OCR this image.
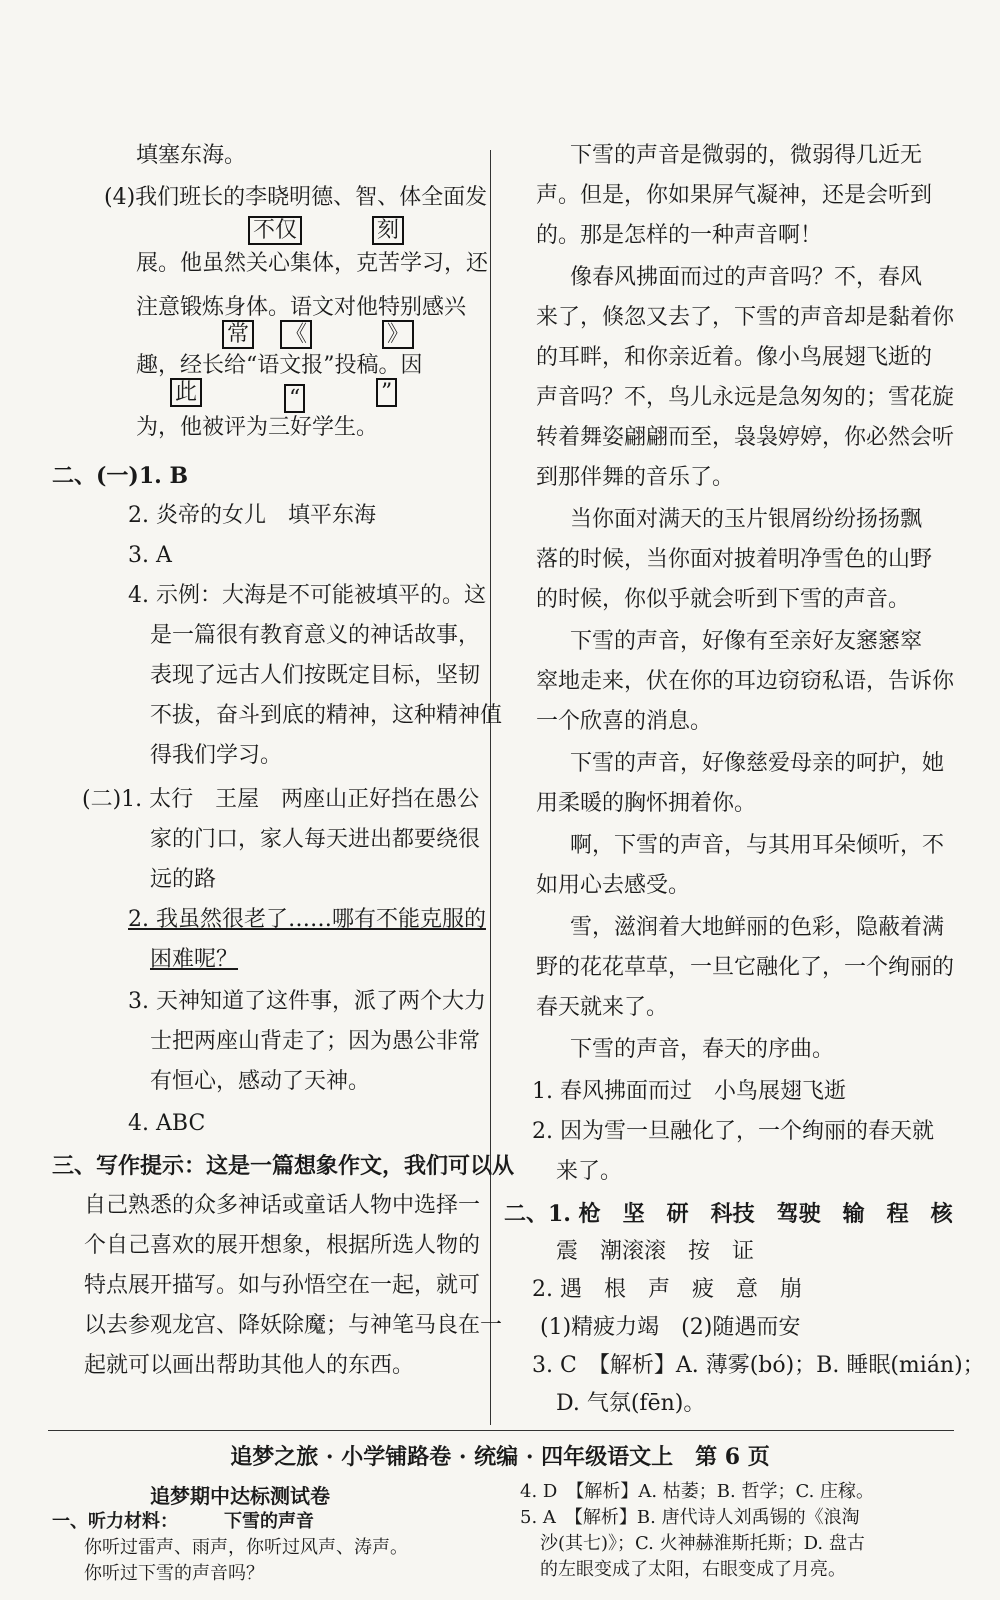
填塞东海。
(4)我们班长的李晓明德、智、体全面发
不仅	刻
展。他虽然关心集体，克苦学习，还
注意锻炼身体。语文对他特别感兴
常 《	》
趣，经长给“语文报”投稿。因
此	“	”
为，他被评为三好学生。
二、(一)1. B
2. 炎帝的女儿　填平东海
3. A
4. 示例：大海是不可能被填平的。这
是一篇很有教育意义的神话故事，
表现了远古人们按既定目标，坚韧
不拔，奋斗到底的精神，这种精神值
得我们学习。
(二)1. 太行　王屋　两座山正好挡在愚公
家的门口，家人每天进出都要绕很
远的路
2. 我虽然很老了……哪有不能克服的
困难呢？
3. 天神知道了这件事，派了两个大力
士把两座山背走了；因为愚公非常
有恒心，感动了天神。
4. ABC
三、写作提示：这是一篇想象作文，我们可以从
自己熟悉的众多神话或童话人物中选择一
个自己喜欢的展开想象，根据所选人物的
特点展开描写。如与孙悟空在一起，就可
以去参观龙宫、降妖除魔；与神笔马良在一
起就可以画出帮助其他人的东西。
下雪的声音是微弱的，微弱得几近无
声。但是，你如果屏气凝神，还是会听到
的。那是怎样的一种声音啊！
像春风拂面而过的声音吗？不，春风
来了，倏忽又去了，下雪的声音却是黏着你
的耳畔，和你亲近着。像小鸟展翅飞逝的
声音吗？不，鸟儿永远是急匆匆的；雪花旋
转着舞姿翩翩而至，袅袅婷婷，你必然会听
到那伴舞的音乐了。
当你面对满天的玉片银屑纷纷扬扬飘
落的时候，当你面对披着明净雪色的山野
的时候，你似乎就会听到下雪的声音。
下雪的声音，好像有至亲好友窸窸窣
窣地走来，伏在你的耳边窃窃私语，告诉你
一个欣喜的消息。
下雪的声音，好像慈爱母亲的呵护，她
用柔暖的胸怀拥着你。
啊，下雪的声音，与其用耳朵倾听，不
如用心去感受。
雪，滋润着大地鲜丽的色彩，隐蔽着满
野的花花草草，一旦它融化了，一个绚丽的
春天就来了。
下雪的声音，春天的序曲。
1. 春风拂面而过　小鸟展翅飞逝
2. 因为雪一旦融化了，一个绚丽的春天就
来了。
二、1. 枪　坚　研　科技　驾驶　输　程　核
震　潮滚滚　按　证
2. 遇　根　声　疲　意　崩
(1)精疲力竭　(2)随遇而安
3. C　【解析】A. 薄雾(bó)；B. 睡眠(mián)；
D. 气氛(fēn)。
追梦之旅 · 小学铺路卷 · 统编 · 四年级语文上　第 6 页
追梦期中达标测试卷
一、听力材料：	下雪的声音
你听过雷声、雨声，你听过风声、涛声。
你听过下雪的声音吗？
4. D　【解析】A. 枯萎；B. 哲学；C. 庄稼。
5. A　【解析】B. 唐代诗人刘禹锡的《浪淘
沙(其七)》；C. 火神赫淮斯托斯；D. 盘古
的左眼变成了太阳，右眼变成了月亮。
